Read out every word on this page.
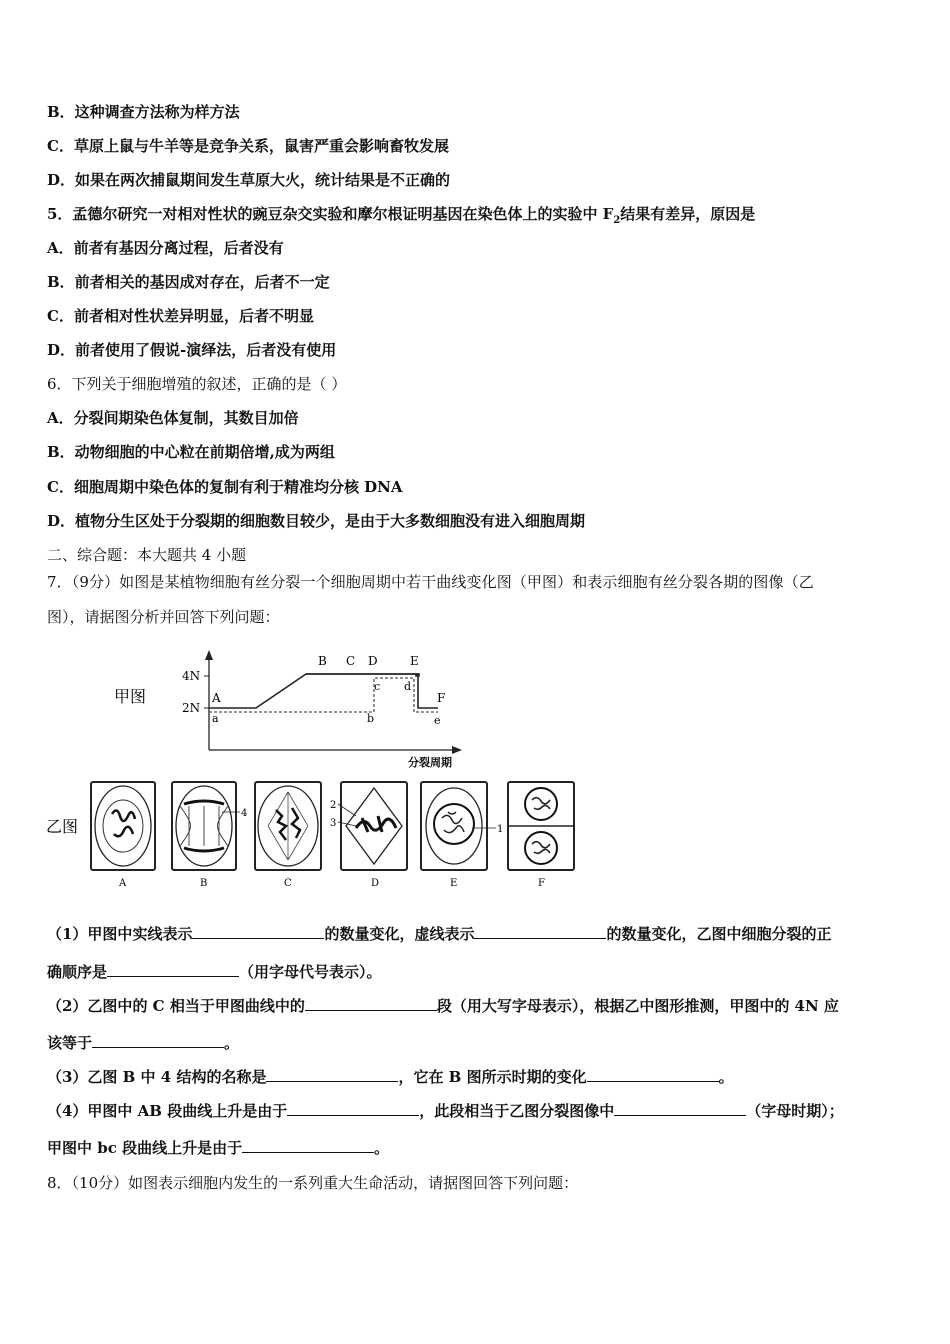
B．这种调查方法称为样方法
C．草原上鼠与牛羊等是竞争关系，鼠害严重会影响畜牧发展
D．如果在两次捕鼠期间发生草原大火，统计结果是不正确的
5．孟德尔研究一对相对性状的豌豆杂交实验和摩尔根证明基因在染色体上的实验中 $F_2$结果有差异，原因是
A．前者有基因分离过程，后者没有
B．前者相关的基因成对存在，后者不一定
C．前者相对性状差异明显，后者不明显
D．前者使用了假说-演绎法，后者没有使用
6．下列关于细胞增殖的叙述，正确的是（ ）
A．分裂间期染色体复制，其数目加倍
B．动物细胞的中心粒在前期倍增,成为两组
C．细胞周期中染色体的复制有利于精准均分核 DNA
D．植物分生区处于分裂期的细胞数目较少，是由于大多数细胞没有进入细胞周期
二、综合题：本大题共 4 小题
7．（9分）如图是某植物细胞有丝分裂一个细胞周期中若干曲线变化图（甲图）和表示细胞有丝分裂各期的图像（乙
图），请据图分析并回答下列问题：
甲图
4N
2N
分裂周期
A
B C D	E
F
a	b
c d
e
乙图
4
2
3
1
A	B	C	D	E	F
（1）甲图中实线表示	的数量变化，虚线表示	的数量变化，乙图中细胞分裂的正
确顺序是	（用字母代号表示）。
（2）乙图中的 C 相当于甲图曲线中的	段（用大写字母表示），根据乙中图形推测，甲图中的 4N 应
该等于	。
（3）乙图 B 中 4 结构的名称是	，它在 B 图所示时期的变化	。
（4）甲图中 AB 段曲线上升是由于	，此段相当于乙图分裂图像中	（字母时期）；
甲图中 bc 段曲线上升是由于	。
8．（10分）如图表示细胞内发生的一系列重大生命活动，请据图回答下列问题：
